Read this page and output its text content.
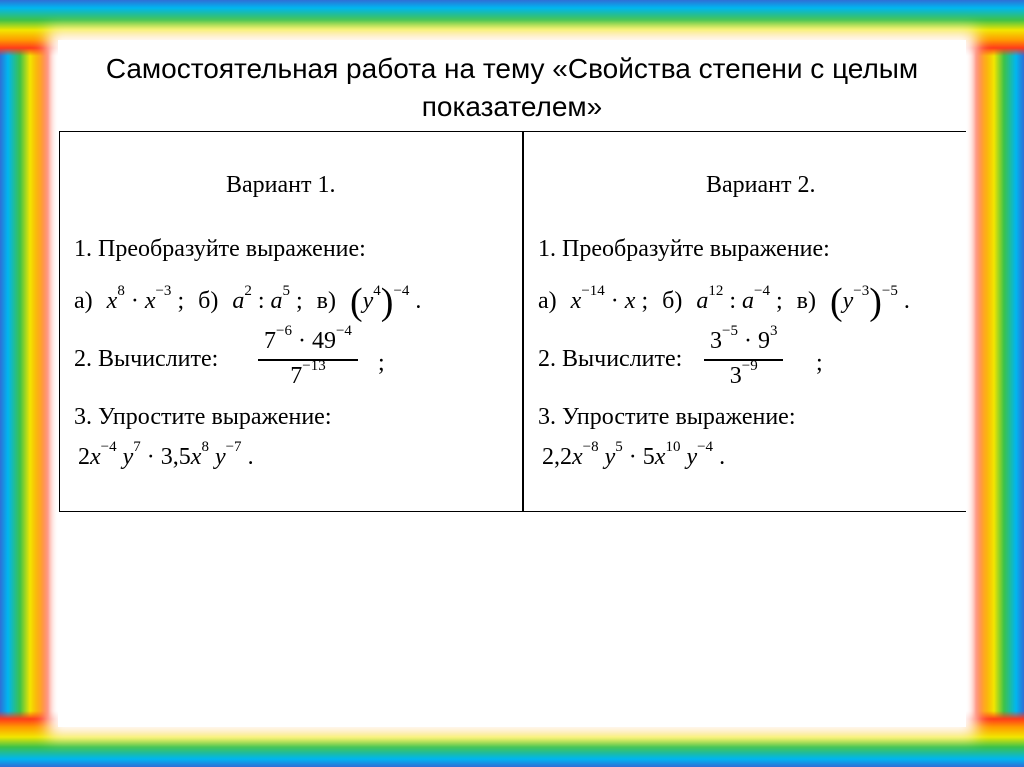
Самостоятельная работа на тему «Свойства степени с целым показателем»
Вариант 1.
1. Преобразуйте выражение:
а) $x^8 \cdot x^{-3}$ ; б) $a^2$ : $a^5$ ; в) $(y^4)^{-4}$ .
2. Вычислите:
$7^{-6} \cdot 49^{-4}$
$7^{-13}$	;
3. Упростите выражение:
$2x^{-4}$ $y^7 \cdot 3,5x^8$ $y^{-7}$ .
Вариант 2.
1. Преобразуйте выражение:
а) $x^{-14} \cdot x$ ; б) $a^{12}$ : $a^{-4}$ ; в) $(y^{-3})^{-5}$ .
2. Вычислите:
$3^{-5} \cdot 9^3$
$3^{-9}$	;
3. Упростите выражение:
$2,2x^{-8}$ $y^5 \cdot 5x^{10}$ $y^{-4}$ .
